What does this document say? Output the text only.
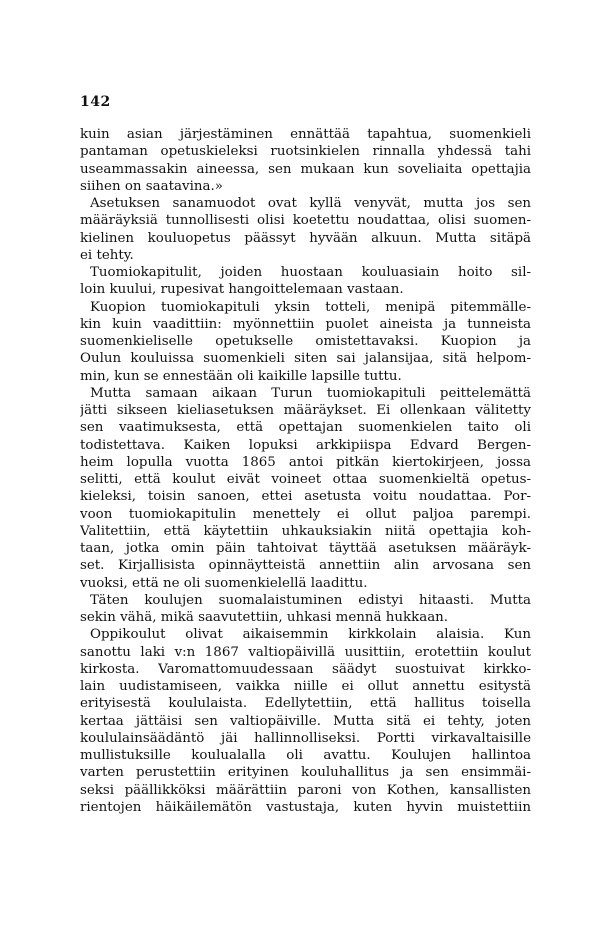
142
kuin asian järjestäminen ennättää tapahtua, suomenkieli
pantaman opetuskieleksi ruotsinkielen rinnalla yhdessä tahi
useammassakin aineessa, sen mukaan kun soveliaita opettajia
siihen on saatavina.»
Asetuksen sanamuodot ovat kyllä venyvät, mutta jos sen
määräyksiä tunnollisesti olisi koetettu noudattaa, olisi suomen-
kielinen kouluopetus päässyt hyvään alkuun. Mutta sitäpä
ei tehty.
Tuomiokapitulit, joiden huostaan kouluasiain hoito sil-
loin kuului, rupesivat hangoittelemaan vastaan.
Kuopion tuomiokapituli yksin totteli, menipä pitemmälle-
kin kuin vaadittiin: myönnettiin puolet aineista ja tunneista
suomenkieliselle opetukselle omistettavaksi. Kuopion ja
Oulun kouluissa suomenkieli siten sai jalansijaa, sitä helpom-
min, kun se ennestään oli kaikille lapsille tuttu.
Mutta samaan aikaan Turun tuomiokapituli peittelemättä
jätti sikseen kieliasetuksen määräykset. Ei ollenkaan välitetty
sen vaatimuksesta, että opettajan suomenkielen taito oli
todistettava. Kaiken lopuksi arkkipiispa Edvard Bergen-
heim lopulla vuotta 1865 antoi pitkän kiertokirjeen, jossa
selitti, että koulut eivät voineet ottaa suomenkieltä opetus-
kieleksi, toisin sanoen, ettei asetusta voitu noudattaa. Por-
voon tuomiokapitulin menettely ei ollut paljoa parempi.
Valitettiin, että käytettiin uhkauksiakin niitä opettajia koh-
taan, jotka omin päin tahtoivat täyttää asetuksen määräyk-
set. Kirjallisista opinnäytteistä annettiin alin arvosana sen
vuoksi, että ne oli suomenkielellä laadittu.
Täten koulujen suomalaistuminen edistyi hitaasti. Mutta
sekin vähä, mikä saavutettiin, uhkasi mennä hukkaan.
Oppikoulut olivat aikaisemmin kirkkolain alaisia. Kun
sanottu laki v:n 1867 valtiopäivillä uusittiin, erotettiin koulut
kirkosta. Varomattomuudessaan säädyt suostuivat kirkko-
lain uudistamiseen, vaikka niille ei ollut annettu esitystä
erityisestä koululaista. Edellytettiin, että hallitus toisella
kertaa jättäisi sen valtiopäiville. Mutta sitä ei tehty, joten
koululainsäädäntö jäi hallinnolliseksi. Portti virkavaltaisille
mullistuksille koulualalla oli avattu. Koulujen hallintoa
varten perustettiin erityinen kouluhallitus ja sen ensimmäi-
seksi päällikköksi määrättiin paroni von Kothen, kansallisten
rientojen häikäilemätön vastustaja, kuten hyvin muistettiin
